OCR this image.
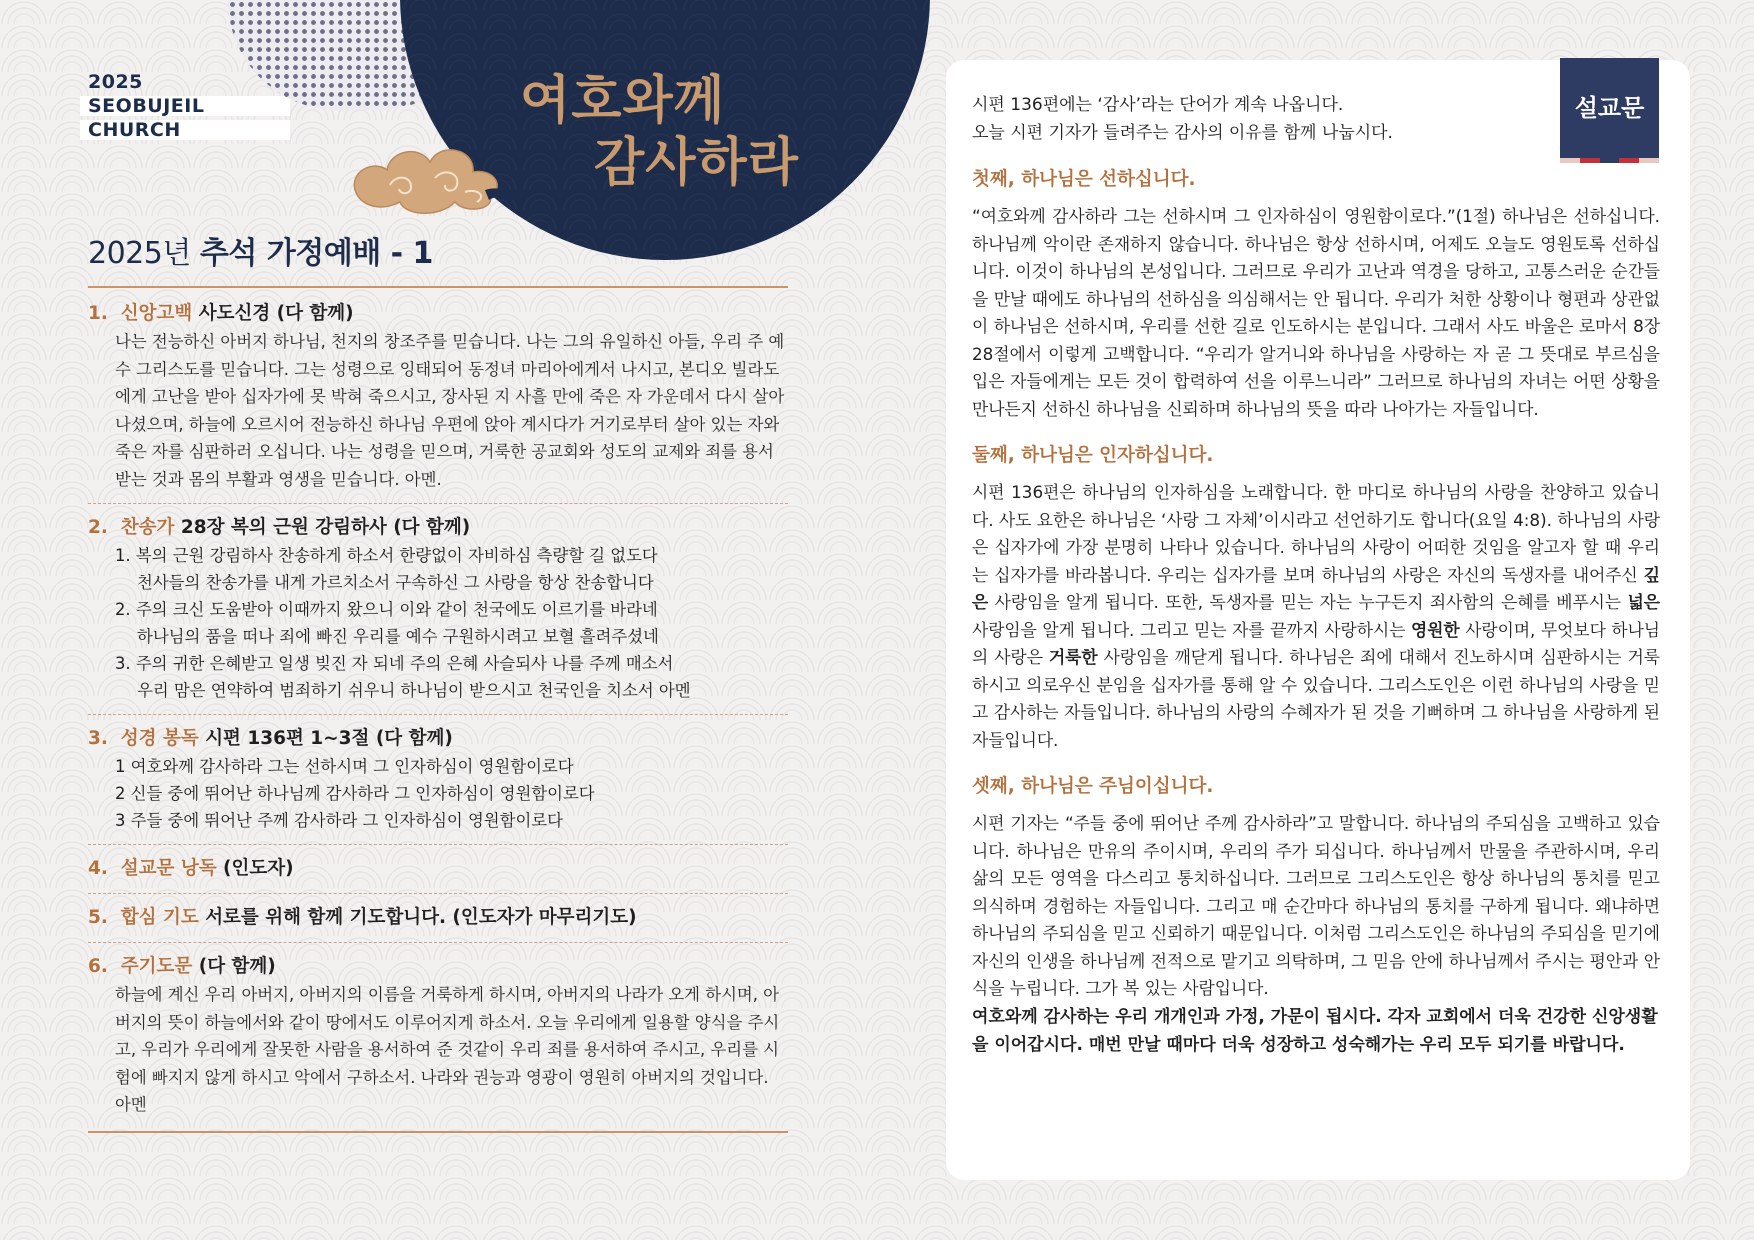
2025
SEOBUJEIL
CHURCH	여호와께
감사하라
2025년 추석 가정예배 - 1
1. 신앙고백 사도신경 (다 함께)
나는 전능하신 아버지 하나님, 천지의 창조주를 믿습니다. 나는 그의 유일하신 아들, 우리 주 예수 그리스도를 믿습니다. 그는 성령으로 잉태되어 동정녀 마리아에게서 나시고, 본디오 빌라도에게 고난을 받아 십자가에 못 박혀 죽으시고, 장사된 지 사흘 만에 죽은 자 가운데서 다시 살아나셨으며, 하늘에 오르시어 전능하신 하나님 우편에 앉아 계시다가 거기로부터 살아 있는 자와 죽은 자를 심판하러 오십니다. 나는 성령을 믿으며, 거룩한 공교회와 성도의 교제와 죄를 용서 받는 것과 몸의 부활과 영생을 믿습니다. 아멘.
2. 찬송가 28장 복의 근원 강림하사 (다 함께)
1. 복의 근원 강림하사 찬송하게 하소서 한량없이 자비하심 측량할 길 없도다
천사들의 찬송가를 내게 가르치소서 구속하신 그 사랑을 항상 찬송합니다
2. 주의 크신 도움받아 이때까지 왔으니 이와 같이 천국에도 이르기를 바라네
하나님의 품을 떠나 죄에 빠진 우리를 예수 구원하시려고 보혈 흘려주셨네
3. 주의 귀한 은혜받고 일생 빚진 자 되네 주의 은혜 사슬되사 나를 주께 매소서
우리 맘은 연약하여 범죄하기 쉬우니 하나님이 받으시고 천국인을 치소서 아멘
3. 성경 봉독 시편 136편 1~3절 (다 함께)
1 여호와께 감사하라 그는 선하시며 그 인자하심이 영원함이로다
2 신들 중에 뛰어난 하나님께 감사하라 그 인자하심이 영원함이로다
3 주들 중에 뛰어난 주께 감사하라 그 인자하심이 영원함이로다
4. 설교문 낭독 (인도자)
5. 합심 기도 서로를 위해 함께 기도합니다. (인도자가 마무리기도)
6. 주기도문 (다 함께)
하늘에 계신 우리 아버지, 아버지의 이름을 거룩하게 하시며, 아버지의 나라가 오게 하시며, 아버지의 뜻이 하늘에서와 같이 땅에서도 이루어지게 하소서. 오늘 우리에게 일용할 양식을 주시고, 우리가 우리에게 잘못한 사람을 용서하여 준 것같이 우리 죄를 용서하여 주시고, 우리를 시험에 빠지지 않게 하시고 악에서 구하소서. 나라와 권능과 영광이 영원히 아버지의 것입니다. 아멘
설교문
시편 136편에는 ‘감사’라는 단어가 계속 나옵니다.
오늘 시편 기자가 들려주는 감사의 이유를 함께 나눕시다.
첫째, 하나님은 선하십니다.
“여호와께 감사하라 그는 선하시며 그 인자하심이 영원함이로다.”(1절) 하나님은 선하십니다. 하나님께 악이란 존재하지 않습니다. 하나님은 항상 선하시며, 어제도 오늘도 영원토록 선하십니다. 이것이 하나님의 본성입니다. 그러므로 우리가 고난과 역경을 당하고, 고통스러운 순간들을 만날 때에도 하나님의 선하심을 의심해서는 안 됩니다. 우리가 처한 상황이나 형편과 상관없이 하나님은 선하시며, 우리를 선한 길로 인도하시는 분입니다. 그래서 사도 바울은 로마서 8장 28절에서 이렇게 고백합니다. “우리가 알거니와 하나님을 사랑하는 자 곧 그 뜻대로 부르심을 입은 자들에게는 모든 것이 합력하여 선을 이루느니라” 그러므로 하나님의 자녀는 어떤 상황을 만나든지 선하신 하나님을 신뢰하며 하나님의 뜻을 따라 나아가는 자들입니다.
둘째, 하나님은 인자하십니다.
시편 136편은 하나님의 인자하심을 노래합니다. 한 마디로 하나님의 사랑을 찬양하고 있습니다. 사도 요한은 하나님은 ‘사랑 그 자체’이시라고 선언하기도 합니다(요일 4:8). 하나님의 사랑은 십자가에 가장 분명히 나타나 있습니다. 하나님의 사랑이 어떠한 것임을 알고자 할 때 우리는 십자가를 바라봅니다. 우리는 십자가를 보며 하나님의 사랑은 자신의 독생자를 내어주신 깊은 사랑임을 알게 됩니다. 또한, 독생자를 믿는 자는 누구든지 죄사함의 은혜를 베푸시는 넓은 사랑임을 알게 됩니다. 그리고 믿는 자를 끝까지 사랑하시는 영원한 사랑이며, 무엇보다 하나님의 사랑은 거룩한 사랑임을 깨닫게 됩니다. 하나님은 죄에 대해서 진노하시며 심판하시는 거룩하시고 의로우신 분임을 십자가를 통해 알 수 있습니다. 그리스도인은 이런 하나님의 사랑을 믿고 감사하는 자들입니다. 하나님의 사랑의 수혜자가 된 것을 기뻐하며 그 하나님을 사랑하게 된 자들입니다.
셋째, 하나님은 주님이십니다.
시편 기자는 “주들 중에 뛰어난 주께 감사하라”고 말합니다. 하나님의 주되심을 고백하고 있습니다. 하나님은 만유의 주이시며, 우리의 주가 되십니다. 하나님께서 만물을 주관하시며, 우리 삶의 모든 영역을 다스리고 통치하십니다. 그러므로 그리스도인은 항상 하나님의 통치를 믿고 의식하며 경험하는 자들입니다. 그리고 매 순간마다 하나님의 통치를 구하게 됩니다. 왜냐하면 하나님의 주되심을 믿고 신뢰하기 때문입니다. 이처럼 그리스도인은 하나님의 주되심을 믿기에 자신의 인생을 하나님께 전적으로 맡기고 의탁하며, 그 믿음 안에 하나님께서 주시는 평안과 안식을 누립니다. 그가 복 있는 사람입니다.
여호와께 감사하는 우리 개개인과 가정, 가문이 됩시다. 각자 교회에서 더욱 건강한 신앙생활을 이어갑시다. 매번 만날 때마다 더욱 성장하고 성숙해가는 우리 모두 되기를 바랍니다.
